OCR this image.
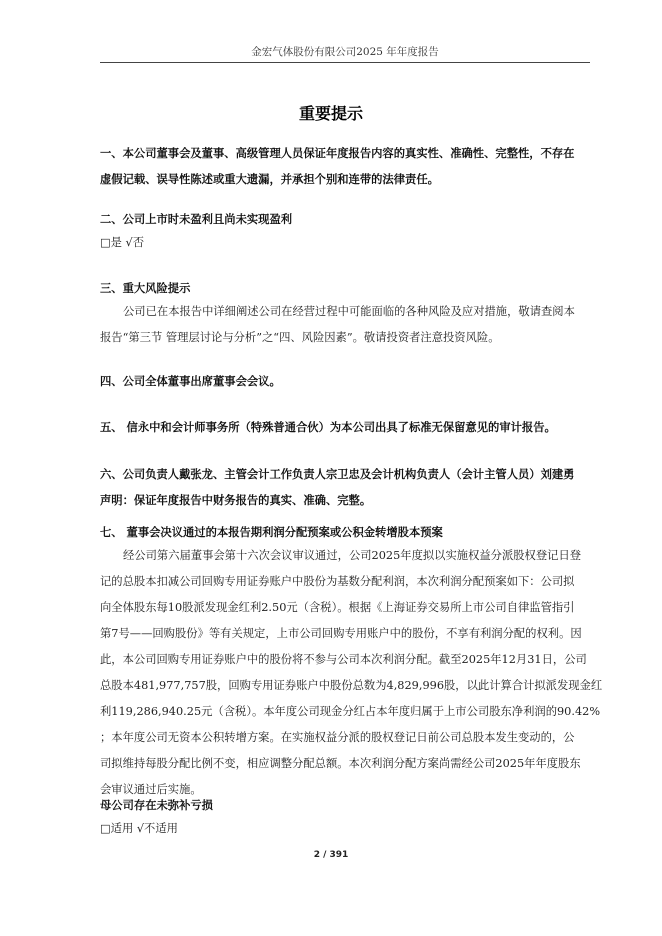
金宏气体股份有限公司2025 年年度报告
重要提示
一、本公司董事会及董事、高级管理人员保证年度报告内容的真实性、准确性、完整性，不存在
虚假记载、误导性陈述或重大遗漏，并承担个别和连带的法律责任。
二、公司上市时未盈利且尚未实现盈利
□是 √否
三、重大风险提示
公司已在本报告中详细阐述公司在经营过程中可能面临的各种风险及应对措施，敬请查阅本
报告“第三节 管理层讨论与分析”之“四、风险因素”。敬请投资者注意投资风险。
四、公司全体董事出席董事会会议。
五、 信永中和会计师事务所（特殊普通合伙）为本公司出具了标准无保留意见的审计报告。
六、公司负责人戴张龙、主管会计工作负责人宗卫忠及会计机构负责人（会计主管人员）刘建勇
声明：保证年度报告中财务报告的真实、准确、完整。
七、 董事会决议通过的本报告期利润分配预案或公积金转增股本预案
经公司第六届董事会第十六次会议审议通过，公司2025年度拟以实施权益分派股权登记日登
记的总股本扣减公司回购专用证券账户中股份为基数分配利润，本次利润分配预案如下：公司拟
向全体股东每10股派发现金红利2.50元（含税）。根据《上海证券交易所上市公司自律监管指引
第7号——回购股份》等有关规定，上市公司回购专用账户中的股份，不享有利润分配的权利。因
此，本公司回购专用证券账户中的股份将不参与公司本次利润分配。截至2025年12月31日，公司
总股本481,977,757股，回购专用证券账户中股份总数为4,829,996股，以此计算合计拟派发现金红
利119,286,940.25元（含税）。本年度公司现金分红占本年度归属于上市公司股东净利润的90.42%
；本年度公司无资本公积转增方案。在实施权益分派的股权登记日前公司总股本发生变动的，公
司拟维持每股分配比例不变，相应调整分配总额。本次利润分配方案尚需经公司2025年年度股东
会审议通过后实施。
母公司存在未弥补亏损
□适用 √不适用
2 / 391
